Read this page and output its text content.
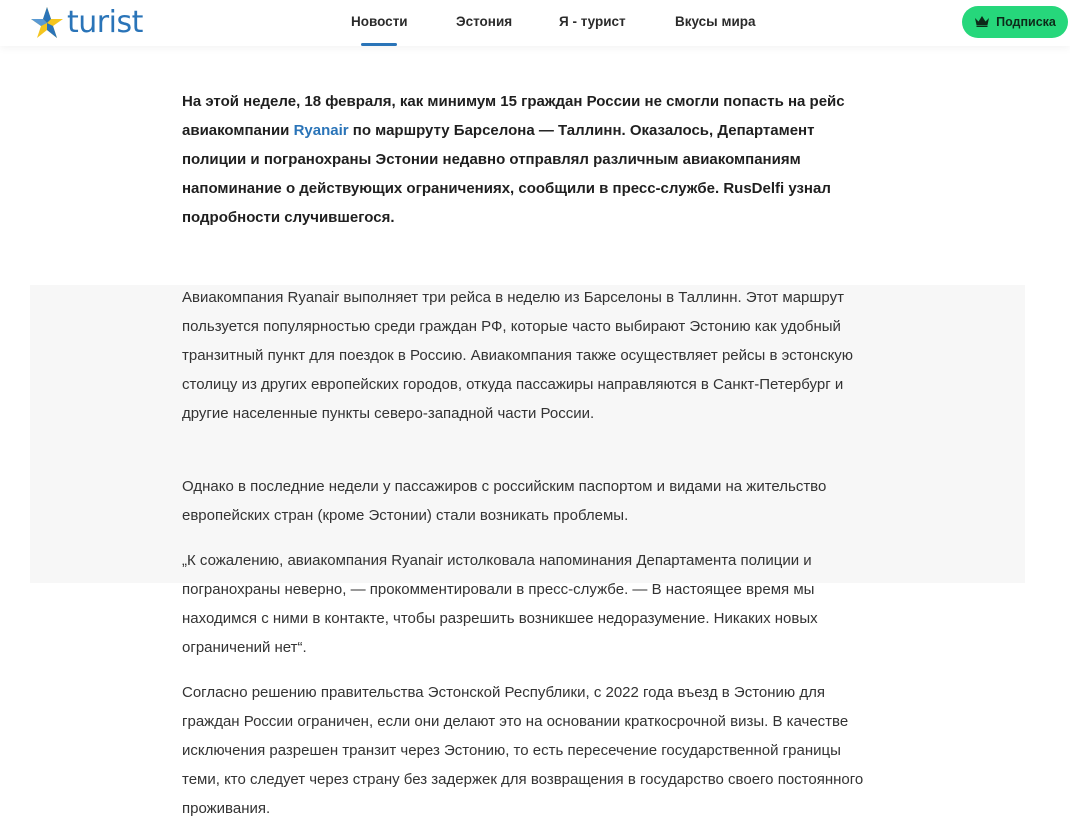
turist	Новости	Эстония	Я - турист	Вкусы мира	Подписка

На этой неделе, 18 февраля, как минимум 15 граждан России не смогли попасть на рейс авиакомпании Ryanair по маршруту Барселона — Таллинн. Оказалось, Департамент полиции и погранохраны Эстонии недавно отправлял различным авиакомпаниям напоминание о действующих ограничениях, сообщили в пресс-службе. RusDelfi узнал подробности случившегося.

Авиакомпания Ryanair выполняет три рейса в неделю из Барселоны в Таллинн. Этот маршрут пользуется популярностью среди граждан РФ, которые часто выбирают Эстонию как удобный транзитный пункт для поездок в Россию. Авиакомпания также осуществляет рейсы в эстонскую столицу из других европейских городов, откуда пассажиры направляются в Санкт-Петербург и другие населенные пункты северо-западной части России.

Однако в последние недели у пассажиров с российским паспортом и видами на жительство европейских стран (кроме Эстонии) стали возникать проблемы.

„К сожалению, авиакомпания Ryanair истолковала напоминания Департамента полиции и погранохраны неверно, — прокомментировали в пресс-службе. — В настоящее время мы находимся с ними в контакте, чтобы разрешить возникшее недоразумение. Никаких новых ограничений нет“.

Согласно решению правительства Эстонской Республики, с 2022 года въезд в Эстонию для граждан России ограничен, если они делают это на основании краткосрочной визы. В качестве исключения разрешен транзит через Эстонию, то есть пересечение государственной границы теми, кто следует через страну без задержек для возвращения в государство своего постоянного проживания.
